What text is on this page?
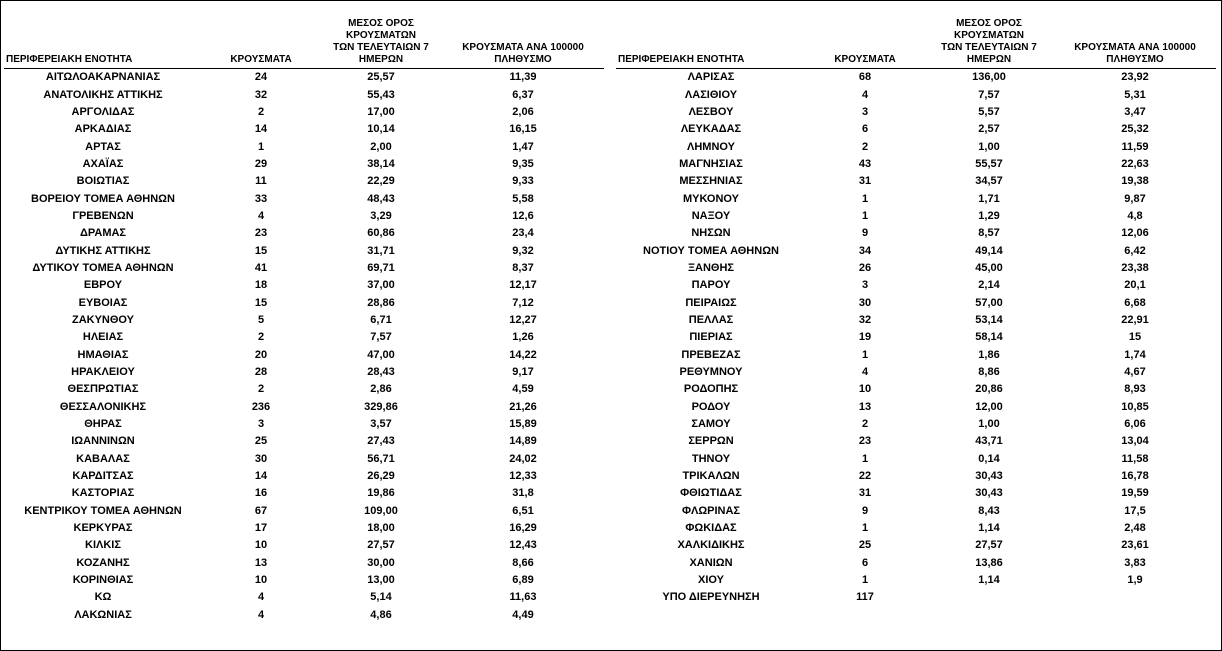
ΠΕΡΙΦΕΡΕΙΑΚΗ ΕΝΟΤΗΤΑ	ΚΡΟΥΣΜΑΤΑ	ΜΕΣΟΣ ΟΡΟΣ ΚΡΟΥΣΜΑΤΩΝ
ΤΩΝ ΤΕΛΕΥΤΑΙΩΝ 7
ΗΜΕΡΩΝ	ΚΡΟΥΣΜΑΤΑ ΑΝΑ 100000
ΠΛΗΘΥΣΜΟ

ΑΙΤΩΛΟΑΚΑΡΝΑΝΙΑΣ	24	25,57	11,39
ΑΝΑΤΟΛΙΚΗΣ ΑΤΤΙΚΗΣ	32	55,43	6,37
ΑΡΓΟΛΙΔΑΣ	2	17,00	2,06
ΑΡΚΑΔΙΑΣ	14	10,14	16,15
ΑΡΤΑΣ	1	2,00	1,47
ΑΧΑΪΑΣ	29	38,14	9,35
ΒΟΙΩΤΙΑΣ	11	22,29	9,33
ΒΟΡΕΙΟΥ ΤΟΜΕΑ ΑΘΗΝΩΝ	33	48,43	5,58
ΓΡΕΒΕΝΩΝ	4	3,29	12,6
ΔΡΑΜΑΣ	23	60,86	23,4
ΔΥΤΙΚΗΣ ΑΤΤΙΚΗΣ	15	31,71	9,32
ΔΥΤΙΚΟΥ ΤΟΜΕΑ ΑΘΗΝΩΝ	41	69,71	8,37
ΕΒΡΟΥ	18	37,00	12,17
ΕΥΒΟΙΑΣ	15	28,86	7,12
ΖΑΚΥΝΘΟΥ	5	6,71	12,27
ΗΛΕΙΑΣ	2	7,57	1,26
ΗΜΑΘΙΑΣ	20	47,00	14,22
ΗΡΑΚΛΕΙΟΥ	28	28,43	9,17
ΘΕΣΠΡΩΤΙΑΣ	2	2,86	4,59
ΘΕΣΣΑΛΟΝΙΚΗΣ	236	329,86	21,26
ΘΗΡΑΣ	3	3,57	15,89
ΙΩΑΝΝΙΝΩΝ	25	27,43	14,89
ΚΑΒΑΛΑΣ	30	56,71	24,02
ΚΑΡΔΙΤΣΑΣ	14	26,29	12,33
ΚΑΣΤΟΡΙΑΣ	16	19,86	31,8
ΚΕΝΤΡΙΚΟΥ ΤΟΜΕΑ ΑΘΗΝΩΝ	67	109,00	6,51
ΚΕΡΚΥΡΑΣ	17	18,00	16,29
ΚΙΛΚΙΣ	10	27,57	12,43
ΚΟΖΑΝΗΣ	13	30,00	8,66
ΚΟΡΙΝΘΙΑΣ	10	13,00	6,89
ΚΩ	4	5,14	11,63
ΛΑΚΩΝΙΑΣ	4	4,86	4,49
ΠΕΡΙΦΕΡΕΙΑΚΗ ΕΝΟΤΗΤΑ	ΚΡΟΥΣΜΑΤΑ	ΜΕΣΟΣ ΟΡΟΣ ΚΡΟΥΣΜΑΤΩΝ
ΤΩΝ ΤΕΛΕΥΤΑΙΩΝ 7
ΗΜΕΡΩΝ	ΚΡΟΥΣΜΑΤΑ ΑΝΑ 100000
ΠΛΗΘΥΣΜΟ

ΛΑΡΙΣΑΣ	68	136,00	23,92
ΛΑΣΙΘΙΟΥ	4	7,57	5,31
ΛΕΣΒΟΥ	3	5,57	3,47
ΛΕΥΚΑΔΑΣ	6	2,57	25,32
ΛΗΜΝΟΥ	2	1,00	11,59
ΜΑΓΝΗΣΙΑΣ	43	55,57	22,63
ΜΕΣΣΗΝΙΑΣ	31	34,57	19,38
ΜΥΚΟΝΟΥ	1	1,71	9,87
ΝΑΞΟΥ	1	1,29	4,8
ΝΗΣΩΝ	9	8,57	12,06
ΝΟΤΙΟΥ ΤΟΜΕΑ ΑΘΗΝΩΝ	34	49,14	6,42
ΞΑΝΘΗΣ	26	45,00	23,38
ΠΑΡΟΥ	3	2,14	20,1
ΠΕΙΡΑΙΩΣ	30	57,00	6,68
ΠΕΛΛΑΣ	32	53,14	22,91
ΠΙΕΡΙΑΣ	19	58,14	15
ΠΡΕΒΕΖΑΣ	1	1,86	1,74
ΡΕΘΥΜΝΟΥ	4	8,86	4,67
ΡΟΔΟΠΗΣ	10	20,86	8,93
ΡΟΔΟΥ	13	12,00	10,85
ΣΑΜΟΥ	2	1,00	6,06
ΣΕΡΡΩΝ	23	43,71	13,04
ΤΗΝΟΥ	1	0,14	11,58
ΤΡΙΚΑΛΩΝ	22	30,43	16,78
ΦΘΙΩΤΙΔΑΣ	31	30,43	19,59
ΦΛΩΡΙΝΑΣ	9	8,43	17,5
ΦΩΚΙΔΑΣ	1	1,14	2,48
ΧΑΛΚΙΔΙΚΗΣ	25	27,57	23,61
ΧΑΝΙΩΝ	6	13,86	3,83
ΧΙΟΥ	1	1,14	1,9
ΥΠΟ ΔΙΕΡΕΥΝΗΣΗ	117		
